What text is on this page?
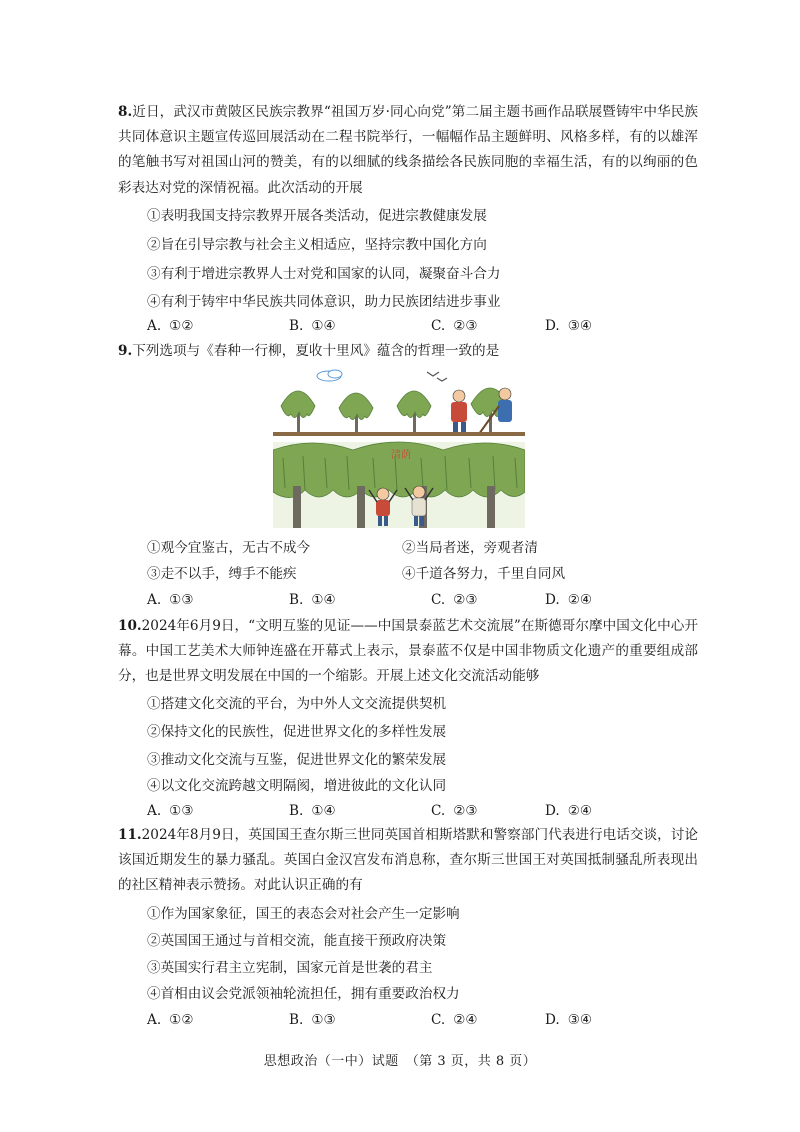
8.近日，武汉市黄陂区民族宗教界“祖国万岁·同心向党”第二届主题书画作品联展暨铸牢中华民族共同体意识主题宣传巡回展活动在二程书院举行，一幅幅作品主题鲜明、风格多样，有的以雄浑的笔触书写对祖国山河的赞美，有的以细腻的线条描绘各民族同胞的幸福生活，有的以绚丽的色彩表达对党的深情祝福。此次活动的开展

①表明我国支持宗教界开展各类活动，促进宗教健康发展
②旨在引导宗教与社会主义相适应，坚持宗教中国化方向
③有利于增进宗教界人士对党和国家的认同，凝聚奋斗合力
④有利于铸牢中华民族共同体意识，助力民族团结进步事业
A. ①②	B. ①④	C. ②③	D. ③④

9.下列选项与《春种一行柳，夏收十里风》蕴含的哲理一致的是

清荫
①观今宜鉴古，无古不成今	②当局者迷，旁观者清
③走不以手，缚手不能疾	④千道各努力，千里自同风
A. ①③	B. ①④	C. ②③	D. ②④

10.2024年6月9日，“文明互鉴的见证——中国景泰蓝艺术交流展”在斯德哥尔摩中国文化中心开幕。中国工艺美术大师钟连盛在开幕式上表示，景泰蓝不仅是中国非物质文化遗产的重要组成部分，也是世界文明发展在中国的一个缩影。开展上述文化交流活动能够

①搭建文化交流的平台，为中外人文交流提供契机
②保持文化的民族性，促进世界文化的多样性发展
③推动文化交流与互鉴，促进世界文化的繁荣发展
④以文化交流跨越文明隔阂，增进彼此的文化认同
A. ①③	B. ①④	C. ②③	D. ②④

11.2024年8月9日，英国国王查尔斯三世同英国首相斯塔默和警察部门代表进行电话交谈，讨论该国近期发生的暴力骚乱。英国白金汉宫发布消息称，查尔斯三世国王对英国抵制骚乱所表现出的社区精神表示赞扬。对此认识正确的有

①作为国家象征，国王的表态会对社会产生一定影响
②英国国王通过与首相交流，能直接干预政府决策
③英国实行君主立宪制，国家元首是世袭的君主
④首相由议会党派领袖轮流担任，拥有重要政治权力
A. ①②	B. ①③	C. ②④	D. ③④
思想政治（一中）试题　（第 3 页，共 8 页）
